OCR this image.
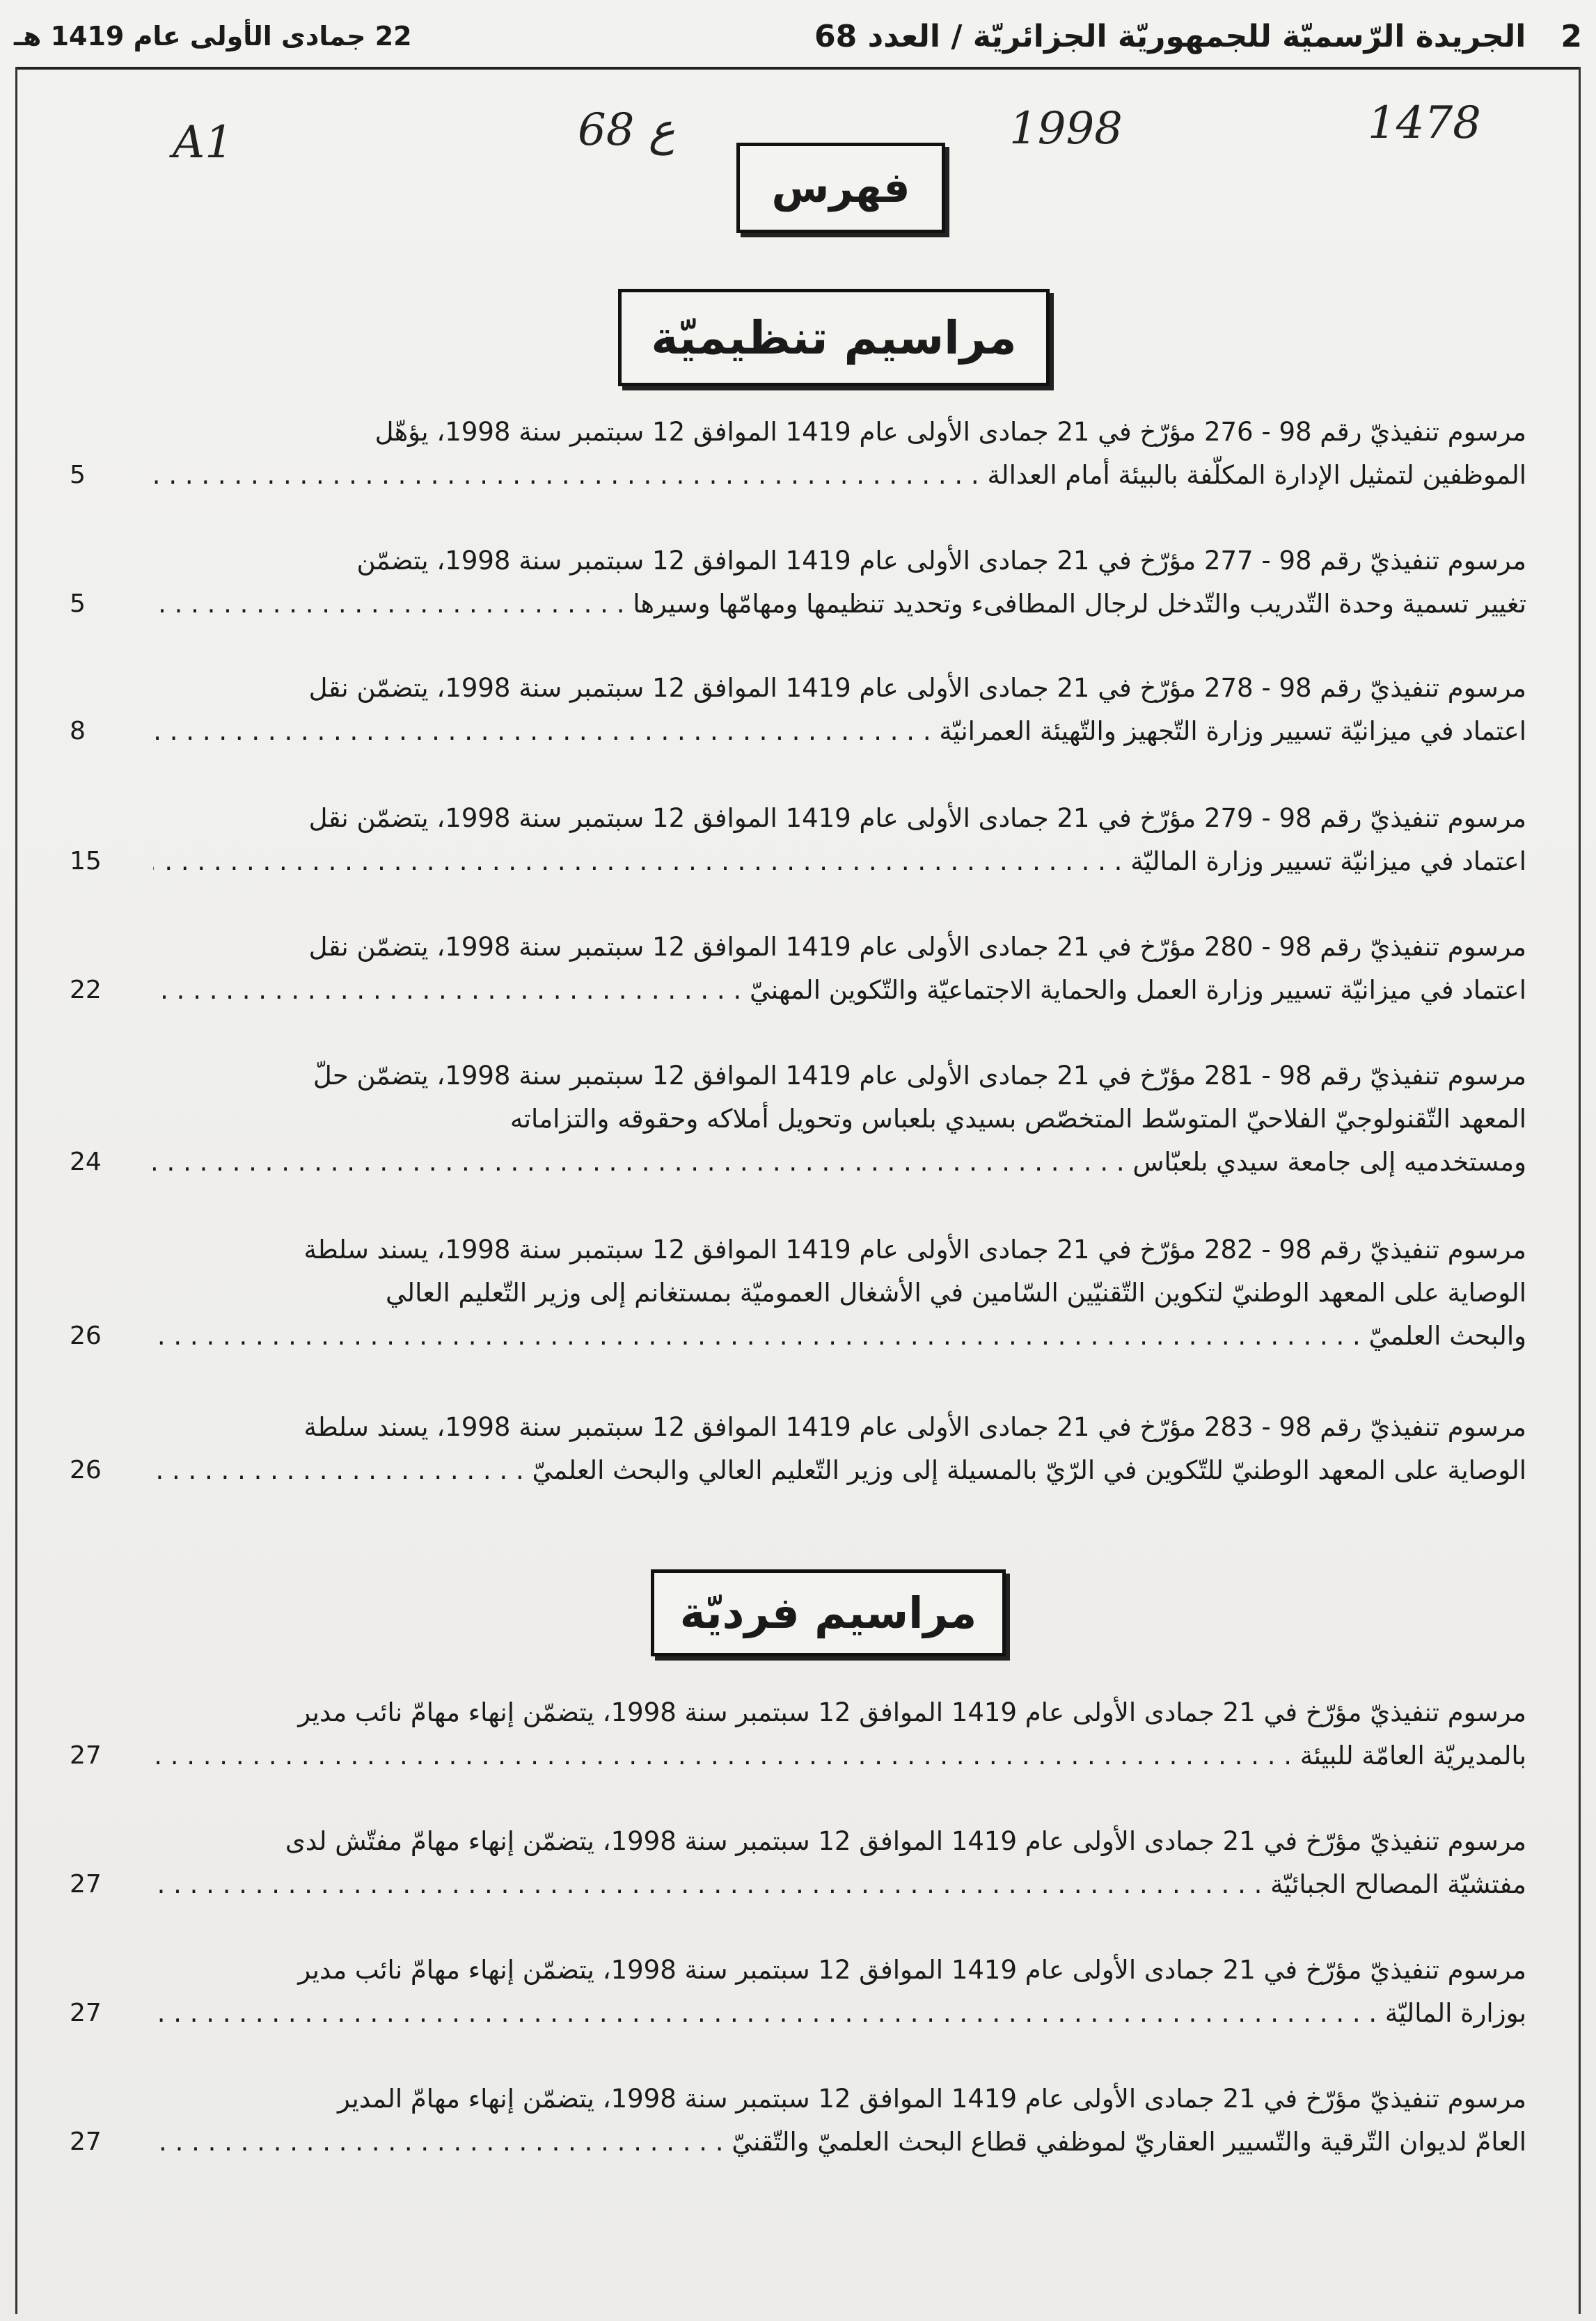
22 جمادى الأولى عام 1419 هـ	الجريدة الرّسميّة للجمهوريّة الجزائريّة / العدد 68 2
A1	68 ع	1998	1478
فهرس
مراسيم تنظيميّة
مرسوم تنفيذيّ رقم 98 - 276 مؤرّخ في 21 جمادى الأولى عام 1419 الموافق 12 سبتمبر سنة 1998، يؤهّل
الموظفين لتمثيل الإدارة المكلّفة بالبيئة أمام العدالة . . .
5
مرسوم تنفيذيّ رقم 98 - 277 مؤرّخ في 21 جمادى الأولى عام 1419 الموافق 12 سبتمبر سنة 1998، يتضمّن
تغيير تسمية وحدة التّدريب والتّدخل لرجال المطافىء وتحديد تنظيمها ومهامّها وسيرها . . .
5
مرسوم تنفيذيّ رقم 98 - 278 مؤرّخ في 21 جمادى الأولى عام 1419 الموافق 12 سبتمبر سنة 1998، يتضمّن نقل
اعتماد في ميزانيّة تسيير وزارة التّجهيز والتّهيئة العمرانيّة . . .
8
مرسوم تنفيذيّ رقم 98 - 279 مؤرّخ في 21 جمادى الأولى عام 1419 الموافق 12 سبتمبر سنة 1998، يتضمّن نقل
اعتماد في ميزانيّة تسيير وزارة الماليّة . . .
15
مرسوم تنفيذيّ رقم 98 - 280 مؤرّخ في 21 جمادى الأولى عام 1419 الموافق 12 سبتمبر سنة 1998، يتضمّن نقل
اعتماد في ميزانيّة تسيير وزارة العمل والحماية الاجتماعيّة والتّكوين المهنيّ . . .
22
مرسوم تنفيذيّ رقم 98 - 281 مؤرّخ في 21 جمادى الأولى عام 1419 الموافق 12 سبتمبر سنة 1998، يتضمّن حلّ
المعهد التّقنولوجيّ الفلاحيّ المتوسّط المتخصّص بسيدي بلعباس وتحويل أملاكه وحقوقه والتزاماته
ومستخدميه إلى جامعة سيدي بلعبّاس . . .
24
مرسوم تنفيذيّ رقم 98 - 282 مؤرّخ في 21 جمادى الأولى عام 1419 الموافق 12 سبتمبر سنة 1998، يسند سلطة
الوصاية على المعهد الوطنيّ لتكوين التّقنيّين السّامين في الأشغال العموميّة بمستغانم إلى وزير التّعليم العالي
والبحث العلميّ . . .
26
مرسوم تنفيذيّ رقم 98 - 283 مؤرّخ في 21 جمادى الأولى عام 1419 الموافق 12 سبتمبر سنة 1998، يسند سلطة
الوصاية على المعهد الوطنيّ للتّكوين في الرّيّ بالمسيلة إلى وزير التّعليم العالي والبحث العلميّ . . .
26
مراسيم فرديّة
مرسوم تنفيذيّ مؤرّخ في 21 جمادى الأولى عام 1419 الموافق 12 سبتمبر سنة 1998، يتضمّن إنهاء مهامّ نائب مدير
بالمديريّة العامّة للبيئة . . .
27
مرسوم تنفيذيّ مؤرّخ في 21 جمادى الأولى عام 1419 الموافق 12 سبتمبر سنة 1998، يتضمّن إنهاء مهامّ مفتّش لدى
مفتشيّة المصالح الجبائيّة . . .
27
مرسوم تنفيذيّ مؤرّخ في 21 جمادى الأولى عام 1419 الموافق 12 سبتمبر سنة 1998، يتضمّن إنهاء مهامّ نائب مدير
بوزارة الماليّة . . .
27
مرسوم تنفيذيّ مؤرّخ في 21 جمادى الأولى عام 1419 الموافق 12 سبتمبر سنة 1998، يتضمّن إنهاء مهامّ المدير
العامّ لديوان التّرقية والتّسيير العقاريّ لموظفي قطاع البحث العلميّ والتّقنيّ . . .
27
